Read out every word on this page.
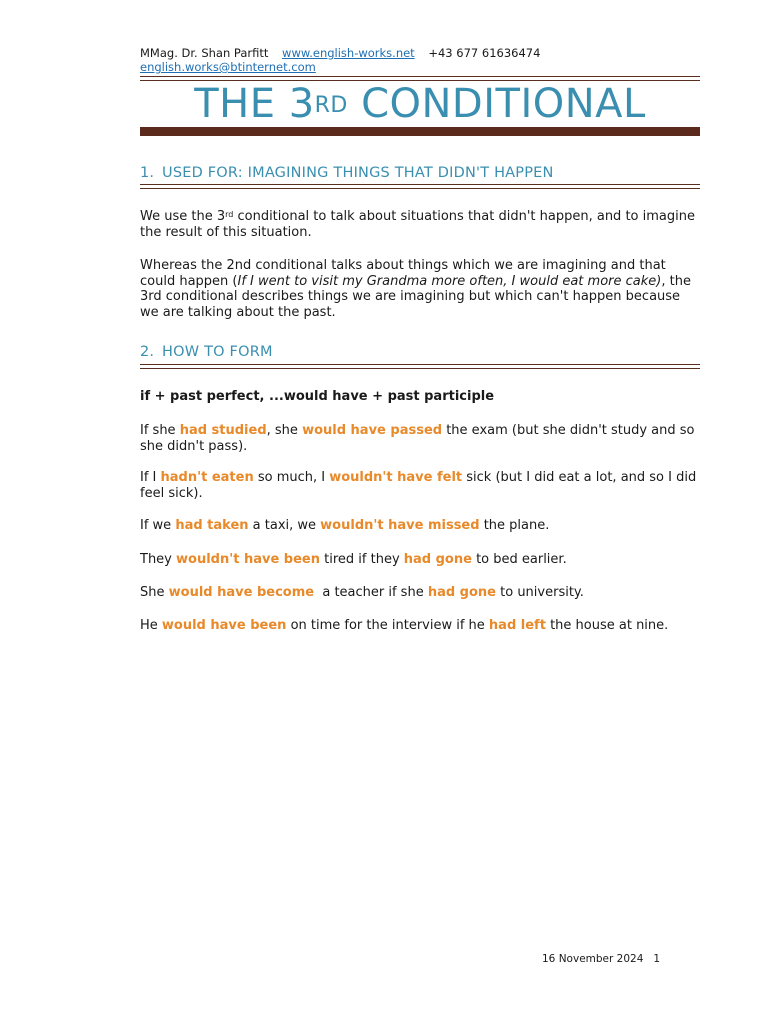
MMag. Dr. Shan Parfitt www.english-works.net +43 677 61636474
english.works@btinternet.com
THE 3RD CONDITIONAL
1. USED FOR: IMAGINING THINGS THAT DIDN'T HAPPEN
We use the 3rd conditional to talk about situations that didn't happen, and to imagine the result of this situation.
Whereas the 2nd conditional talks about things which we are imagining and that could happen (If I went to visit my Grandma more often, I would eat more cake), the 3rd conditional describes things we are imagining but which can't happen because we are talking about the past.
2. HOW TO FORM
if + past perfect, ...would have + past participle
If she had studied, she would have passed the exam (but she didn't study and so she didn't pass).
If I hadn't eaten so much, I wouldn't have felt sick (but I did eat a lot, and so I did feel sick).
If we had taken a taxi, we wouldn't have missed the plane.
They wouldn't have been tired if they had gone to bed earlier.
She would have become  a teacher if she had gone to university.
He would have been on time for the interview if he had left the house at nine.
16 November 2024 1
